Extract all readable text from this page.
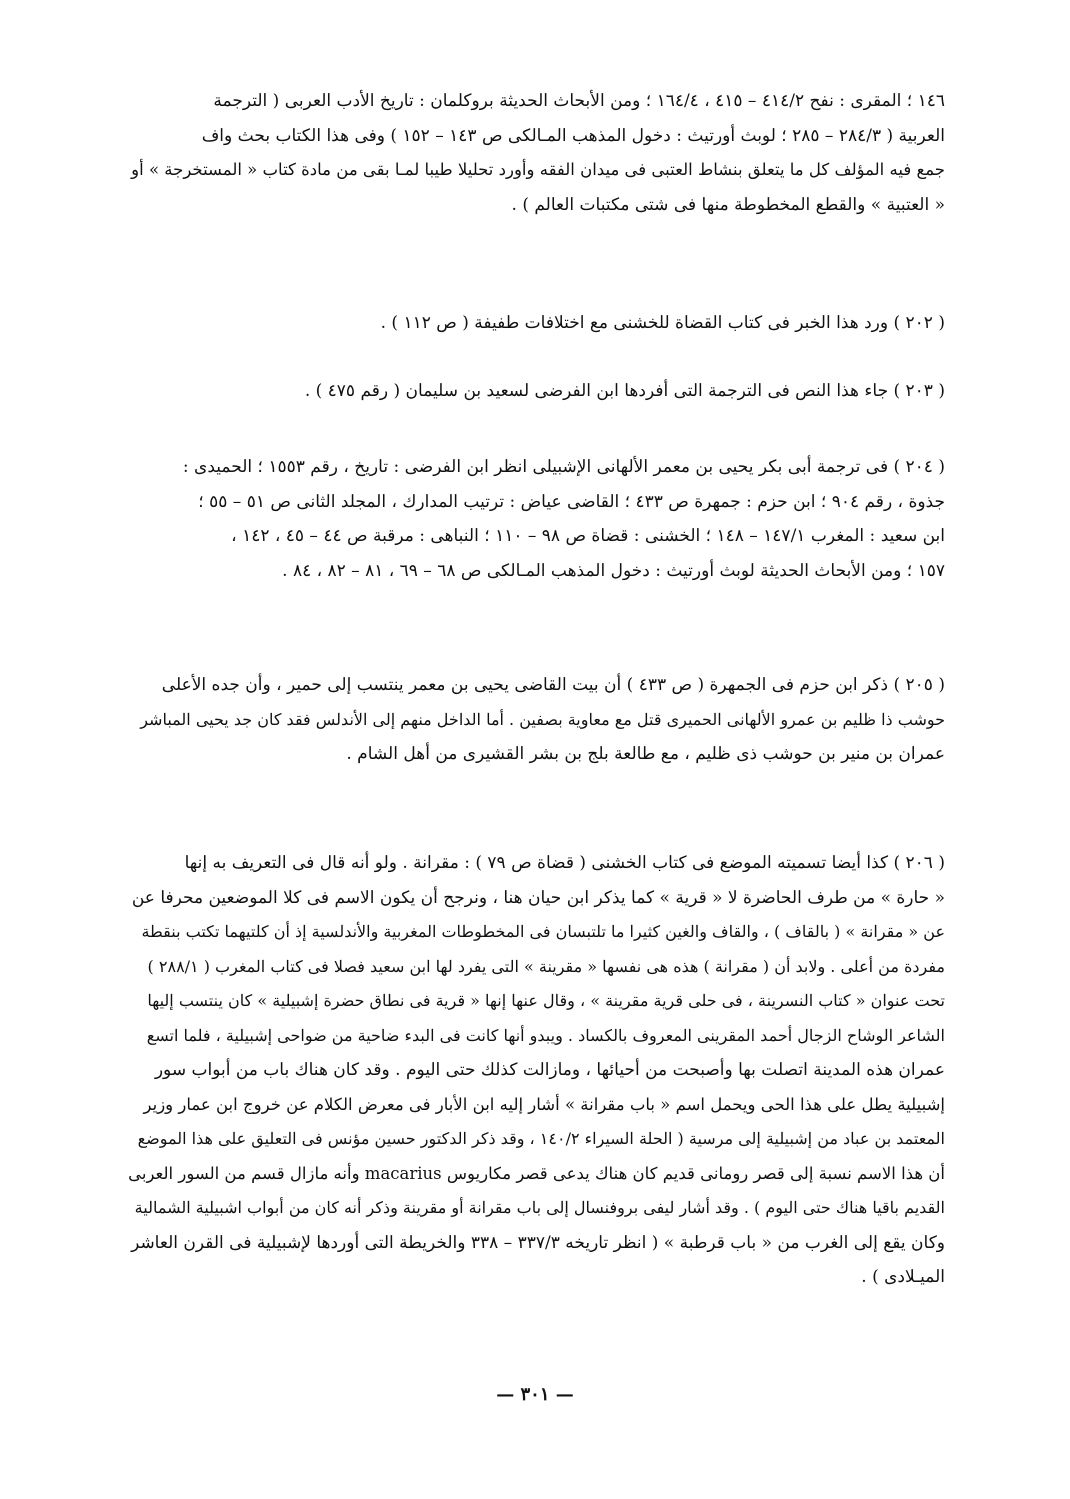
١٤٦ ؛ المقرى : نفح ٤١٤/٢ – ٤١٥ ، ١٦٤/٤ ؛ ومن الأبحاث الحديثة بروكلمان : تاريخ الأدب العربى ( الترجمة
العربية ( ٢٨٤/٣ – ٢٨٥ ؛ لوبث أورتيث : دخول المذهب المـالكى ص ١٤٣ – ١٥٢ ) وفى هذا الكتاب بحث واف
جمع فيه المؤلف كل ما يتعلق بنشاط العتبى فى ميدان الفقه وأورد تحليلا طيبا لمـا بقى من مادة كتاب « المستخرجة » أو
« العتبية » والقطع المخطوطة منها فى شتى مكتبات العالم ) .

( ٢٠٢ ) ورد هذا الخبر فى كتاب القضاة للخشنى مع اختلافات طفيفة ( ص ١١٢ ) .

( ٢٠٣ ) جاء هذا النص فى الترجمة التى أفردها ابن الفرضى لسعيد بن سليمان ( رقم ٤٧٥ ) .

( ٢٠٤ ) فى ترجمة أبى بكر يحيى بن معمر الألهانى الإشبيلى انظر ابن الفرضى : تاريخ ، رقم ١٥٥٣ ؛ الحميدى :
جذوة ، رقم ٩٠٤ ؛ ابن حزم : جمهرة ص ٤٣٣ ؛ القاضى عياض : ترتيب المدارك ، المجلد الثانى ص ٥١ – ٥٥ ؛
ابن سعيد : المغرب ١٤٧/١ – ١٤٨ ؛ الخشنى : قضاة ص ٩٨ – ١١٠ ؛ النباهى : مرقبة ص ٤٤ – ٤٥ ، ١٤٢ ،
١٥٧ ؛ ومن الأبحاث الحديثة لوبث أورتيث : دخول المذهب المـالكى ص ٦٨ – ٦٩ ، ٨١ – ٨٢ ، ٨٤ .

( ٢٠٥ ) ذكر ابن حزم فى الجمهرة ( ص ٤٣٣ ) أن بيت القاضى يحيى بن معمر ينتسب إلى حمير ، وأن جده الأعلى
حوشب ذا ظليم بن عمرو الألهانى الحميرى قتل مع معاوية بصفين . أما الداخل منهم إلى الأندلس فقد كان جد يحيى المباشر
عمران بن منير بن حوشب ذى ظليم ، مع طالعة بلج بن بشر القشيرى من أهل الشام .

( ٢٠٦ ) كذا أيضا تسميته الموضع فى كتاب الخشنى ( قضاة ص ٧٩ ) : مقرانة . ولو أنه قال فى التعريف به إنها
« حارة » من طرف الحاضرة لا « قرية » كما يذكر ابن حيان هنا ، ونرجح أن يكون الاسم فى كلا الموضعين محرفا عن
عن « مقرانة » ( بالقاف ) ، والقاف والغين كثيرا ما تلتبسان فى المخطوطات المغربية والأندلسية إذ أن كلتيهما تكتب بنقطة
مفردة من أعلى . ولابد أن ( مقرانة ) هذه هى نفسها « مقرينة » التى يفرد لها ابن سعيد فصلا فى كتاب المغرب ( ٢٨٨/١ )
تحت عنوان « كتاب النسرينة ، فى حلى قرية مقرينة » ، وقال عنها إنها « قرية فى نطاق حضرة إشبيلية » كان ينتسب إليها
الشاعر الوشاح الزجال أحمد المقرينى المعروف بالكساد . ويبدو أنها كانت فى البدء ضاحية من ضواحى إشبيلية ، فلما اتسع
عمران هذه المدينة اتصلت بها وأصبحت من أحيائها ، ومازالت كذلك حتى اليوم . وقد كان هناك باب من أبواب سور
إشبيلية يطل على هذا الحى ويحمل اسم « باب مقرانة » أشار إليه ابن الأبار فى معرض الكلام عن خروج ابن عمار وزير
المعتمد بن عباد من إشبيلية إلى مرسية ( الحلة السيراء ١٤٠/٢ ، وقد ذكر الدكتور حسين مؤنس فى التعليق على هذا الموضع
أن هذا الاسم نسبة إلى قصر رومانى قديم كان هناك يدعى قصر مكاريوس macarius وأنه مازال قسم من السور العربى
القديم باقيا هناك حتى اليوم ) . وقد أشار ليفى بروفنسال إلى باب مقرانة أو مقرينة وذكر أنه كان من أبواب اشبيلية الشمالية
وكان يقع إلى الغرب من « باب قرطبة » ( انظر تاريخه ٣٣٧/٣ – ٣٣٨ والخريطة التى أوردها لإشبيلية فى القرن العاشر
الميـلادى ) .

— ٣٠١ —
